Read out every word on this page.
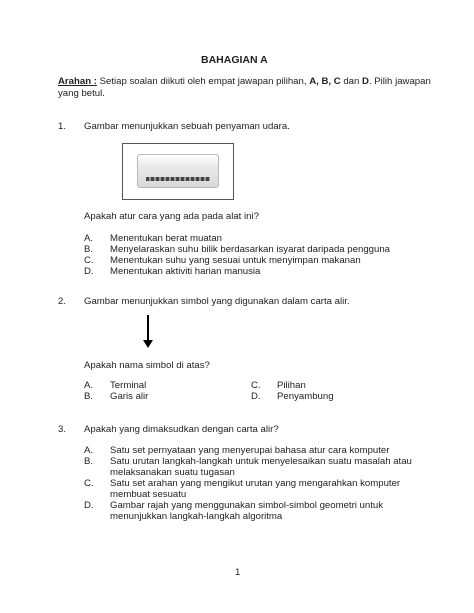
BAHAGIAN A
Arahan : Setiap soalan diikuti oleh empat jawapan pilihan, A, B, C dan D. Pilih jawapan
yang betul.
1. Gambar menunjukkan sebuah penyaman udara.
Apakah atur cara yang ada pada alat ini?
A. Menentukan berat muatan
B. Menyelaraskan suhu bilik berdasarkan isyarat daripada pengguna
C. Menentukan suhu yang sesuai untuk menyimpan makanan
D. Menentukan aktiviti harian manusia
2. Gambar menunjukkan simbol yang digunakan dalam carta alir.
Apakah nama simbol di atas?
A. Terminal
B. Garis alir
C. Pilihan
D. Penyambung
3. Apakah yang dimaksudkan dengan carta alir?
A. Satu set pernyataan yang menyerupai bahasa atur cara komputer
B. Satu urutan langkah-langkah untuk menyelesaikan suatu masalah atau
melaksanakan suatu tugasan
C. Satu set arahan yang mengikut urutan yang mengarahkan komputer
membuat sesuatu
D. Gambar rajah yang menggunakan simbol-simbol geometri untuk
menunjukkan langkah-langkah algoritma
1
